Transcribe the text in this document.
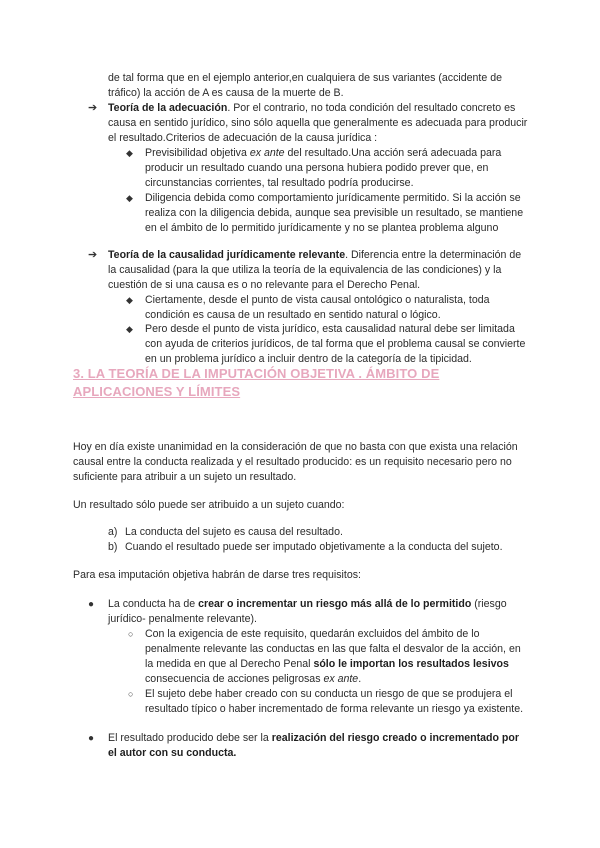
de tal forma que en el ejemplo anterior,en cualquiera de sus variantes (accidente de tráfico) la acción de A es causa de la muerte de B.

➔ Teoría de la adecuación. Por el contrario, no toda condición del resultado concreto es causa en sentido jurídico, sino sólo aquella que generalmente es adecuada para producir el resultado.Criterios de adecuación de la causa jurídica :

◆ Previsibilidad objetiva ex ante del resultado.Una acción será adecuada para producir un resultado cuando una persona hubiera podido prever que, en circunstancias corrientes, tal resultado podría producirse.

◆ Diligencia debida como comportamiento jurídicamente permitido. Si la acción se realiza con la diligencia debida, aunque sea previsible un resultado, se mantiene en el ámbito de lo permitido jurídicamente y no se plantea problema alguno

➔ Teoría de la causalidad jurídicamente relevante. Diferencia entre la determinación de la causalidad (para la que utiliza la teoría de la equivalencia de las condiciones) y la cuestión de si una causa es o no relevante para el Derecho Penal.

◆ Ciertamente, desde el punto de vista causal ontológico o naturalista, toda condición es causa de un resultado en sentido natural o lógico.

◆ Pero desde el punto de vista jurídico, esta causalidad natural debe ser limitada con ayuda de criterios jurídicos, de tal forma que el problema causal se convierte en un problema jurídico a incluir dentro de la categoría de la tipicidad.

3. LA TEORÍA DE LA IMPUTACIÓN OBJETIVA . ÁMBITO DE APLICACIONES Y LÍMITES

Hoy en día existe unanimidad en la consideración de que no basta con que exista una relación causal entre la conducta realizada y el resultado producido: es un requisito necesario pero no suficiente para atribuir a un sujeto un resultado.

Un resultado sólo puede ser atribuido a un sujeto cuando:

a) La conducta del sujeto es causa del resultado.

b) Cuando el resultado puede ser imputado objetivamente a la conducta del sujeto.

Para esa imputación objetiva habrán de darse tres requisitos:

● La conducta ha de crear o incrementar un riesgo más allá de lo permitido (riesgo jurídico- penalmente relevante).

○ Con la exigencia de este requisito, quedarán excluidos del ámbito de lo penalmente relevante las conductas en las que falta el desvalor de la acción, en la medida en que al Derecho Penal sólo le importan los resultados lesivos consecuencia de acciones peligrosas ex ante.

○ El sujeto debe haber creado con su conducta un riesgo de que se produjera el resultado típico o haber incrementado de forma relevante un riesgo ya existente.

● El resultado producido debe ser la realización del riesgo creado o incrementado por el autor con su conducta.
